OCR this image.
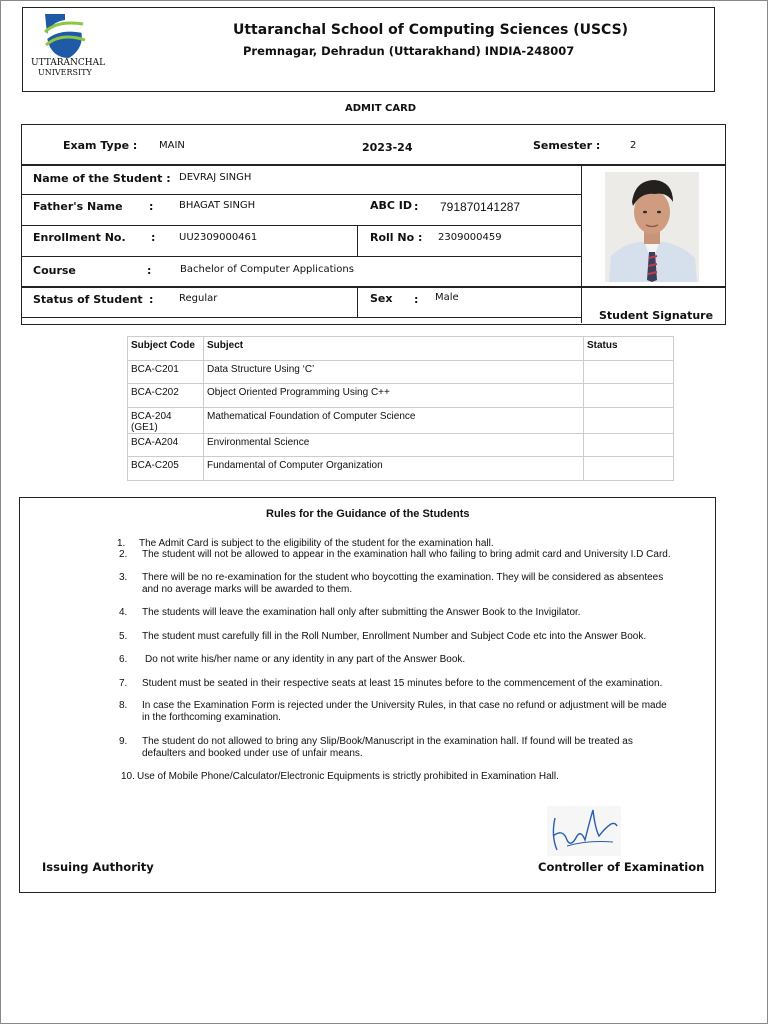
UTTARANCHAL
UNIVERSITY
Uttaranchal School of Computing Sciences (USCS)
Premnagar, Dehradun (Uttarakhand) INDIA-248007
ADMIT CARD
Exam Type : MAIN	2023-24	Semester :	2
Name of the Student : DEVRAJ SINGH
Father's Name :	BHAGAT SINGH	ABC ID : 791870141287
Enrollment No. : UU2309000461	Roll No : 2309000459
Course	:	Bachelor of Computer Applications
Status of Student :	Regular	Sex : Male
Student Signature
Subject Code	Subject	Status
BCA-C201	Data Structure Using ‘C’	
BCA-C202	Object Oriented Programming Using C++	
BCA-204 (GE1)	Mathematical Foundation of Computer Science	
BCA-A204	Environmental Science	
BCA-C205	Fundamental of Computer Organization	
Rules for the Guidance of the Students
1. The Admit Card is subject to the eligibility of the student for the examination hall.
2. The student will not be allowed to appear in the examination hall who failing to bring admit card and University I.D Card.
3. There will be no re-examination for the student who boycotting the examination. They will be considered as absentees and no average marks will be awarded to them.
4. The students will leave the examination hall only after submitting the Answer Book to the Invigilator.
5. The student must carefully fill in the Roll Number, Enrollment Number and Subject Code etc into the Answer Book.
6. Do not write his/her name or any identity in any part of the Answer Book.
7. Student must be seated in their respective seats at least 15 minutes before to the commencement of the examination.
8. In case the Examination Form is rejected under the University Rules, in that case no refund or adjustment will be made in the forthcoming examination.
9. The student do not allowed to bring any Slip/Book/Manuscript in the examination hall. If found will be treated as defaulters and booked under use of unfair means.
10. Use of Mobile Phone/Calculator/Electronic Equipments is strictly prohibited in Examination Hall.
Issuing Authority	Controller of Examination
